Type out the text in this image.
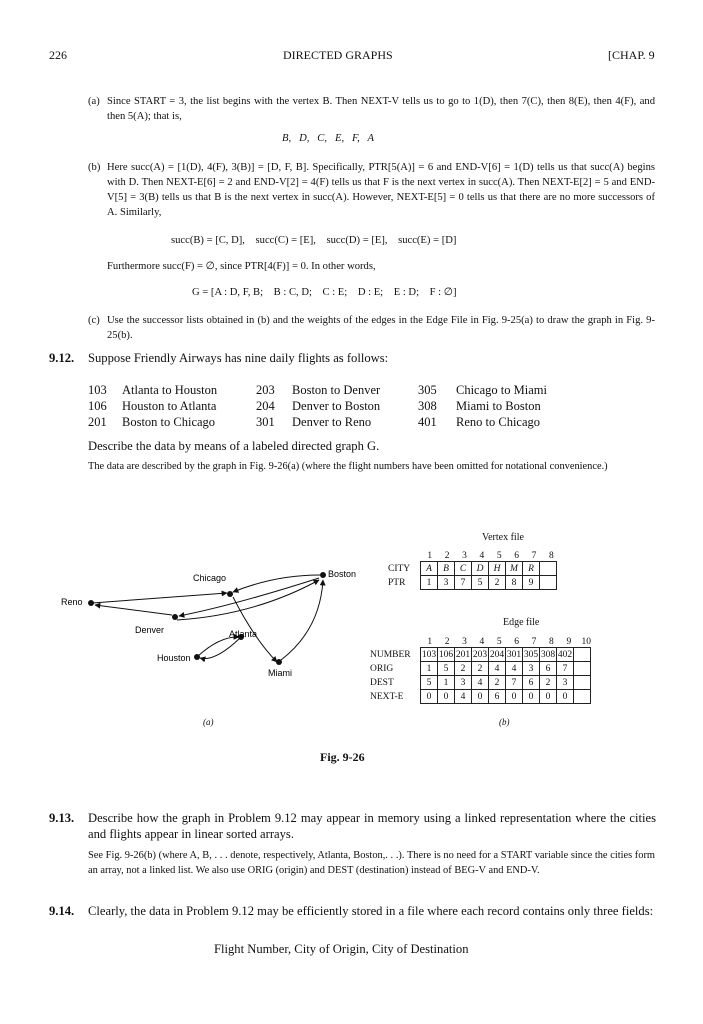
226	DIRECTED GRAPHS	[CHAP. 9
(a) Since START = 3, the list begins with the vertex B. Then NEXT-V tells us to go to 1(D), then 7(C), then 8(E), then 4(F), and then 5(A); that is,
B,   D,   C,   E,   F,   A
(b) Here succ(A) = [1(D), 4(F), 3(B)] = [D, F, B]. Specifically, PTR[5(A)] = 6 and END-V[6] = 1(D) tells us that succ(A) begins with D. Then NEXT-E[6] = 2 and END-V[2] = 4(F) tells us that F is the next vertex in succ(A). Then NEXT-E[2] = 5 and END-V[5] = 3(B) tells us that B is the next vertex in succ(A). However, NEXT-E[5] = 0 tells us that there are no more successors of A. Similarly,
succ(B) = [C, D],    succ(C) = [E],    succ(D) = [E],    succ(E) = [D]
Furthermore succ(F) = ∅, since PTR[4(F)] = 0. In other words,
G = [A : D, F, B;    B : C, D;    C : E;    D : E;    E : D;    F : ∅]
(c) Use the successor lists obtained in (b) and the weights of the edges in the Edge File in Fig. 9-25(a) to draw the graph in Fig. 9-25(b).
9.12. Suppose Friendly Airways has nine daily flights as follows:
103	Atlanta to Houston	203	Boston to Denver	305	Chicago to Miami
106	Houston to Atlanta	204	Denver to Boston	308	Miami to Boston
201	Boston to Chicago	301	Denver to Reno	401	Reno to Chicago
Describe the data by means of a labeled directed graph G.
The data are described by the graph in Fig. 9-26(a) (where the flight numbers have been omitted for notational convenience.)
Chicago	Boston
Reno
Denver	Atlanta
Houston
Miami
Vertex file
1 2 3 4 5 6 7 8
CITY	A	B	C	D	H	M	R	
PTR	1	3	7	5	2	8	9	
Edge file
1 2 3 4 5 6 7 8 9 10
NUMBER	103	106	201	203	204	301	305	308	402	
ORIG	1	5	2	2	4	4	3	6	7	
DEST	5	1	3	4	2	7	6	2	3	
NEXT-E	0	0	4	0	6	0	0	0	0	
(a)	(b)
Fig. 9-26
9.13. Describe how the graph in Problem 9.12 may appear in memory using a linked representation where the cities and flights appear in linear sorted arrays.
See Fig. 9-26(b) (where A, B, . . . denote, respectively, Atlanta, Boston,. . .). There is no need for a START variable since the cities form an array, not a linked list. We also use ORIG (origin) and DEST (destination) instead of BEG-V and END-V.
9.14. Clearly, the data in Problem 9.12 may be efficiently stored in a file where each record contains only three fields:
Flight Number, City of Origin, City of Destination
